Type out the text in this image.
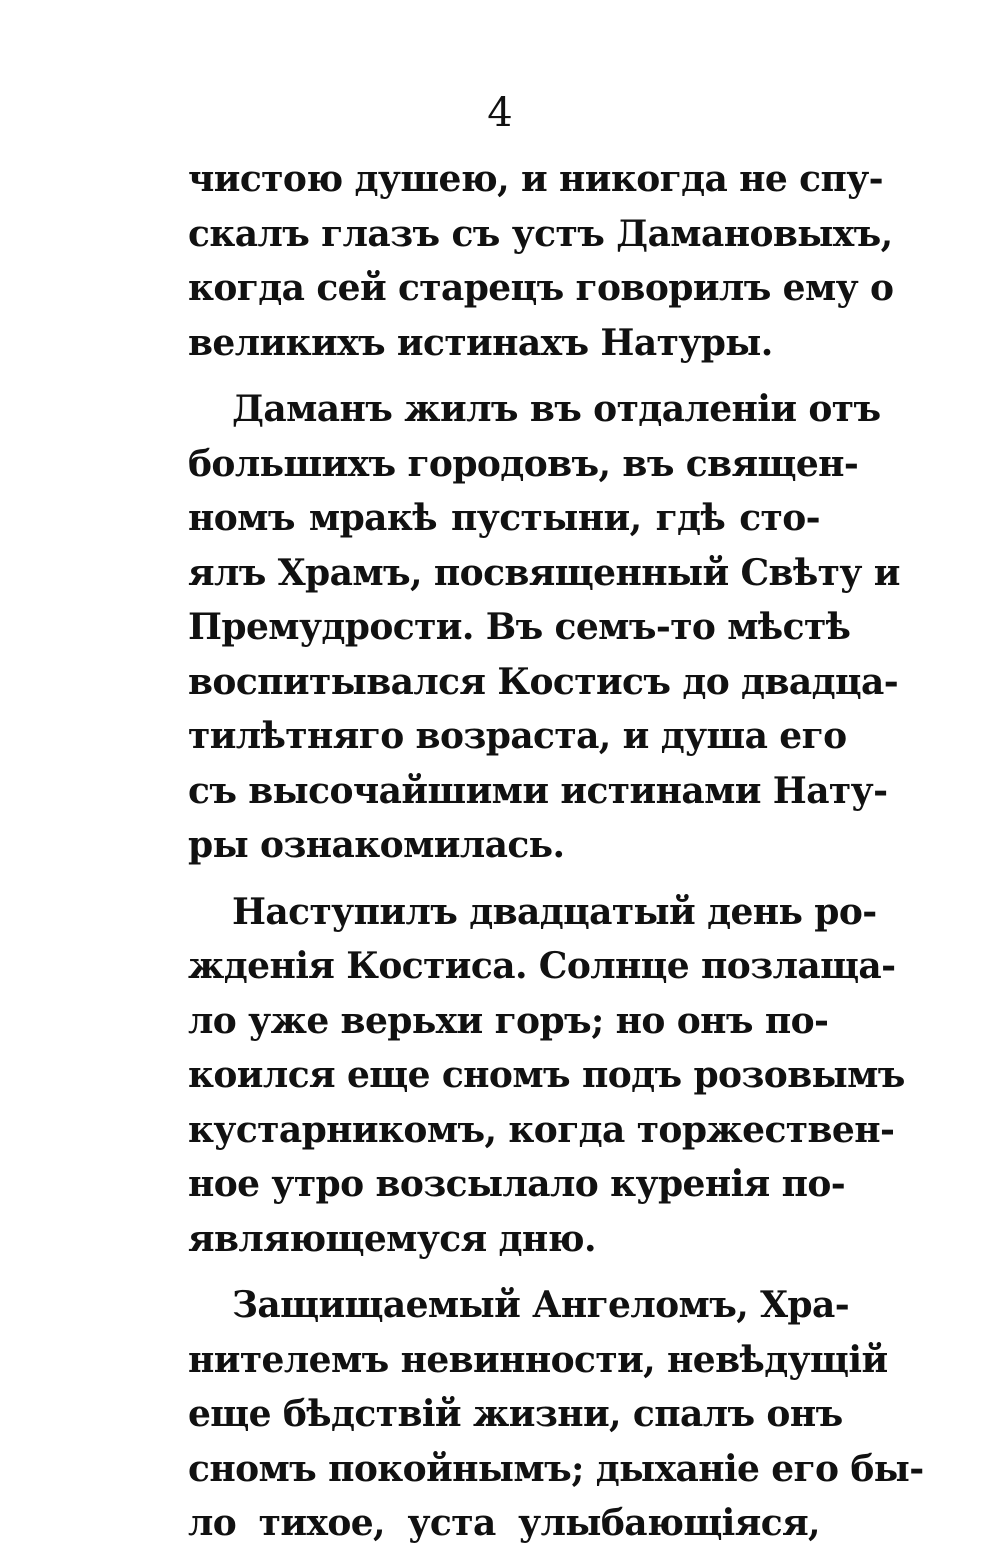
4
чистою душею, и никогда не спу-
скалъ глазъ съ устъ Дамановыхъ,
когда сей старецъ говорилъ ему о
великихъ истинахъ Натуры.
Даманъ жилъ въ отдаленіи отъ
большихъ городовъ, въ священ-
номъ мракѣ пустыни, гдѣ сто-
ялъ Храмъ, посвященный Свѣту и
Премудрости. Въ семъ-то мѣстѣ
воспитывался Костисъ до двадца-
тилѣтняго возраста, и душа его
съ высочайшими истинами Нату-
ры ознакомилась.
Наступилъ двадцатый день ро-
жденія Костиса. Солнце позлаща-
ло уже верьхи горъ; но онъ по-
коился еще сномъ подъ розовымъ
кустарникомъ, когда торжествен-
ное утро возсылало куренія по-
являющемуся дню.
Защищаемый Ангеломъ, Хра-
нителемъ невинности, невѣдущій
еще бѣдствій жизни, спалъ онъ
сномъ покойнымъ; дыханіе его бы-
ло тихое, уста улыбающіяся,
